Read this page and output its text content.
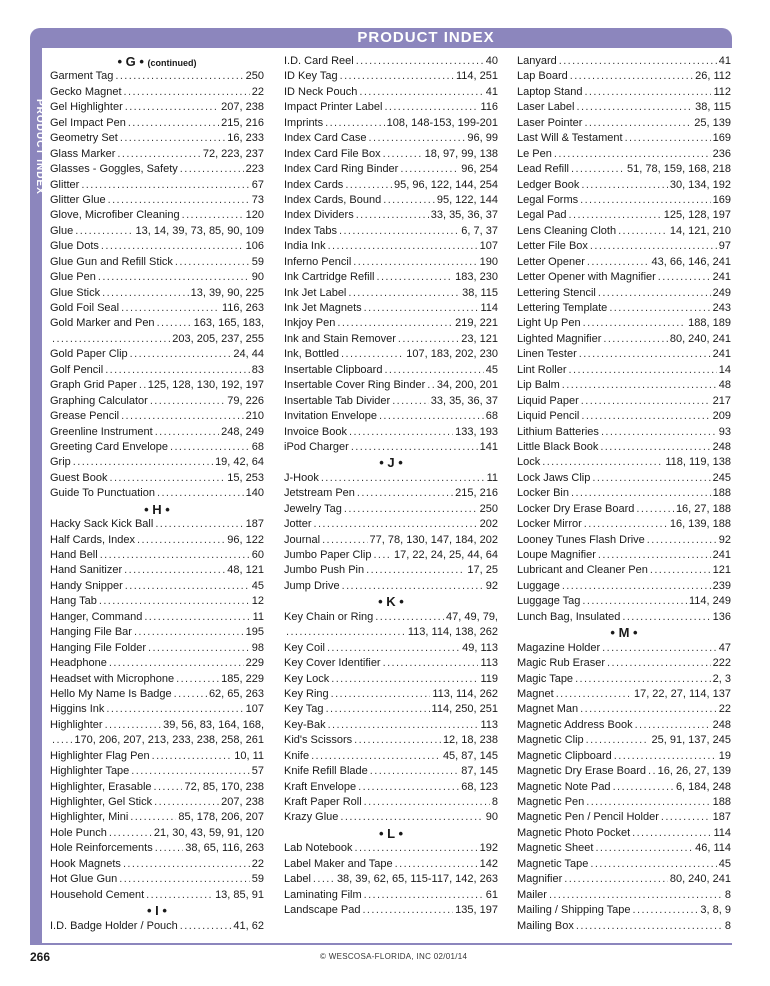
PRODUCT INDEX
PRODUCT INDEX
• G • (continued)
Garment Tag .....	250
Gecko Magnet .....	22
Gel Highlighter .....	207, 238
Gel Impact Pen .....	215, 216
Geometry Set .....	16, 233
Glass Marker .....	72, 223, 237
Glasses - Goggles, Safety .....	223
Glitter .....	67
Glitter Glue .....	73
Glove, Microfiber Cleaning .....	120
Glue .....	13, 14, 39, 73, 85, 90, 109
Glue Dots .....	106
Glue Gun and Refill Stick .....	59
Glue Pen .....	90
Glue Stick .....	13, 39, 90, 225
Gold Foil Seal .....	116, 263
Gold Marker and Pen .....	163, 165, 183,
.....
203, 205, 237, 255
Gold Paper Clip .....	24, 44
Golf Pencil .....	83
Graph Grid Paper ..... 125, 128, 130, 192, 197
Graphing Calculator .....	79, 226
Grease Pencil .....	210
Greenline Instrument .....	248, 249
Greeting Card Envelope .....	68
Grip .....	19, 42, 64
Guest Book .....	15, 253
Guide To Punctuation .....	140
• H •
Hacky Sack Kick Ball .....	187
Half Cards, Index .....	96, 122
Hand Bell .....	60
Hand Sanitizer .....	48, 121
Handy Snipper .....	45
Hang Tab .....	12
Hanger, Command .....	11
Hanging File Bar .....	195
Hanging File Folder .....	98
Headphone .....	229
Headset with Microphone .....	185, 229
Hello My Name Is Badge .....	62, 65, 263
Higgins Ink .....	107
Highlighter .....	39, 56, 83, 164, 168,
.....
170, 206, 207, 213, 233, 238, 258, 261
Highlighter Flag Pen .....	10, 11
Highlighter Tape .....	57
Highlighter, Erasable .....	72, 85, 170, 238
Highlighter, Gel Stick .....	207, 238
Highlighter, Mini .....	85, 178, 206, 207
Hole Punch .....	21, 30, 43, 59, 91, 120
Hole Reinforcements .....	38, 65, 116, 263
Hook Magnets .....	22
Hot Glue Gun .....	59
Household Cement .....	13, 85, 91
• I •
I.D. Badge Holder / Pouch .....	41, 62
I.D. Card Reel .....	40
ID Key Tag .....	114, 251
ID Neck Pouch .....	41
Impact Printer Label .....	116
Imprints .....	108, 148-153, 199-201
Index Card Case .....	96, 99
Index Card File Box .....	18, 97, 99, 138
Index Card Ring Binder .....	96, 254
Index Cards .....	95, 96, 122, 144, 254
Index Cards, Bound .....	95, 122, 144
Index Dividers .....	33, 35, 36, 37
Index Tabs .....	6, 7, 37
India Ink .....	107
Inferno Pencil .....	190
Ink Cartridge Refill .....	183, 230
Ink Jet Label .....	38, 115
Ink Jet Magnets .....	114
Inkjoy Pen .....	219, 221
Ink and Stain Remover .....	23, 121
Ink, Bottled .....	107, 183, 202, 230
Insertable Clipboard .....	45
Insertable Cover Ring Binder ..... 34, 200, 201
Insertable Tab Divider .....	33, 35, 36, 37
Invitation Envelope .....	68
Invoice Book .....	133, 193
iPod Charger .....	141
• J •
J-Hook .....	11
Jetstream Pen .....	215, 216
Jewelry Tag .....	250
Jotter .....	202
Journal .....	77, 78, 130, 147, 184, 202
Jumbo Paper Clip ..... 17, 22, 24, 25, 44, 64
Jumbo Push Pin .....	17, 25
Jump Drive .....	92
• K •
Key Chain or Ring .....	47, 49, 79,
.....
113, 114, 138, 262
Key Coil .....	49, 113
Key Cover Identifier .....	113
Key Lock .....	119
Key Ring .....	113, 114, 262
Key Tag .....	114, 250, 251
Key-Bak .....	113
Kid's Scissors .....	12, 18, 238
Knife .....	45, 87, 145
Knife Refill Blade .....	87, 145
Kraft Envelope .....	68, 123
Kraft Paper Roll .....	8
Krazy Glue .....	90
• L •
Lab Notebook .....	192
Label Maker and Tape .....	142
Label ..... 38, 39, 62, 65, 115-117, 142, 263
Laminating Film .....	61
Landscape Pad .....	135, 197
Lanyard .....	41
Lap Board .....	26, 112
Laptop Stand .....	112
Laser Label .....	38, 115
Laser Pointer .....	25, 139
Last Will & Testament .....	169
Le Pen .....	236
Lead Refill .....	51, 78, 159, 168, 218
Ledger Book .....	30, 134, 192
Legal Forms .....	169
Legal Pad .....	125, 128, 197
Lens Cleaning Cloth .....	14, 121, 210
Letter File Box .....	97
Letter Opener .....	43, 66, 146, 241
Letter Opener with Magnifier .....	241
Lettering Stencil .....	249
Lettering Template .....	243
Light Up Pen .....	188, 189
Lighted Magnifier .....	80, 240, 241
Linen Tester .....	241
Lint Roller .....	14
Lip Balm .....	48
Liquid Paper .....	217
Liquid Pencil .....	209
Lithium Batteries .....	93
Little Black Book .....	248
Lock .....	118, 119, 138
Lock Jaws Clip .....	245
Locker Bin .....	188
Locker Dry Erase Board .....	16, 27, 188
Locker Mirror .....	16, 139, 188
Looney Tunes Flash Drive .....	92
Loupe Magnifier .....	241
Lubricant and Cleaner Pen .....	121
Luggage .....	239
Luggage Tag .....	114, 249
Lunch Bag, Insulated .....	136
• M •
Magazine Holder .....	47
Magic Rub Eraser .....	222
Magic Tape .....	2, 3
Magnet .....	17, 22, 27, 114, 137
Magnet Man .....	22
Magnetic Address Book .....	248
Magnetic Clip .....	25, 91, 137, 245
Magnetic Clipboard .....	19
Magnetic Dry Erase Board ..... 16, 26, 27, 139
Magnetic Note Pad .....	6, 184, 248
Magnetic Pen .....	188
Magnetic Pen / Pencil Holder .....	187
Magnetic Photo Pocket .....	114
Magnetic Sheet .....	46, 114
Magnetic Tape .....	45
Magnifier .....	80, 240, 241
Mailer .....	8
Mailing / Shipping Tape .....	3, 8, 9
Mailing Box .....	8
266	© WESCOSA-FLORIDA, INC 02/01/14
